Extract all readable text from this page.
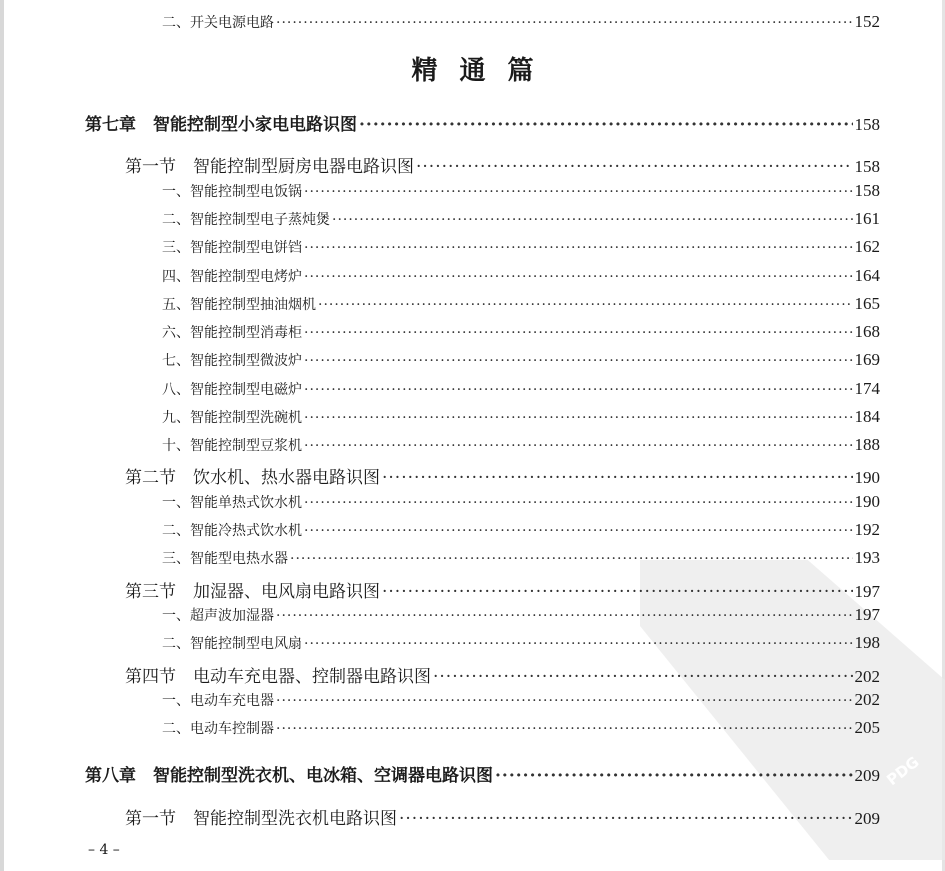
PDG
二、开关电源电路 ·····	152
精通篇
第七章　智能控制型小家电电路识图 ·····	158
第一节　智能控制型厨房电器电路识图 ·····	158
一、智能控制型电饭锅 ·····	158
二、智能控制型电子蒸炖煲 ·····	161
三、智能控制型电饼铛 ·····	162
四、智能控制型电烤炉 ·····	164
五、智能控制型抽油烟机 ·····	165
六、智能控制型消毒柜 ·····	168
七、智能控制型微波炉 ·····	169
八、智能控制型电磁炉 ·····	174
九、智能控制型洗碗机 ·····	184
十、智能控制型豆浆机 ·····	188
第二节　饮水机、热水器电路识图 ·····	190
一、智能单热式饮水机 ·····	190
二、智能冷热式饮水机 ·····	192
三、智能型电热水器 ·····	193
第三节　加湿器、电风扇电路识图 ·····	197
一、超声波加湿器 ·····	197
二、智能控制型电风扇 ·····	198
第四节　电动车充电器、控制器电路识图 ·····	202
一、电动车充电器 ·····	202
二、电动车控制器 ·····	205
第八章　智能控制型洗衣机、电冰箱、空调器电路识图 ·····	209
第一节　智能控制型洗衣机电路识图 ·····	209
– 4 –
